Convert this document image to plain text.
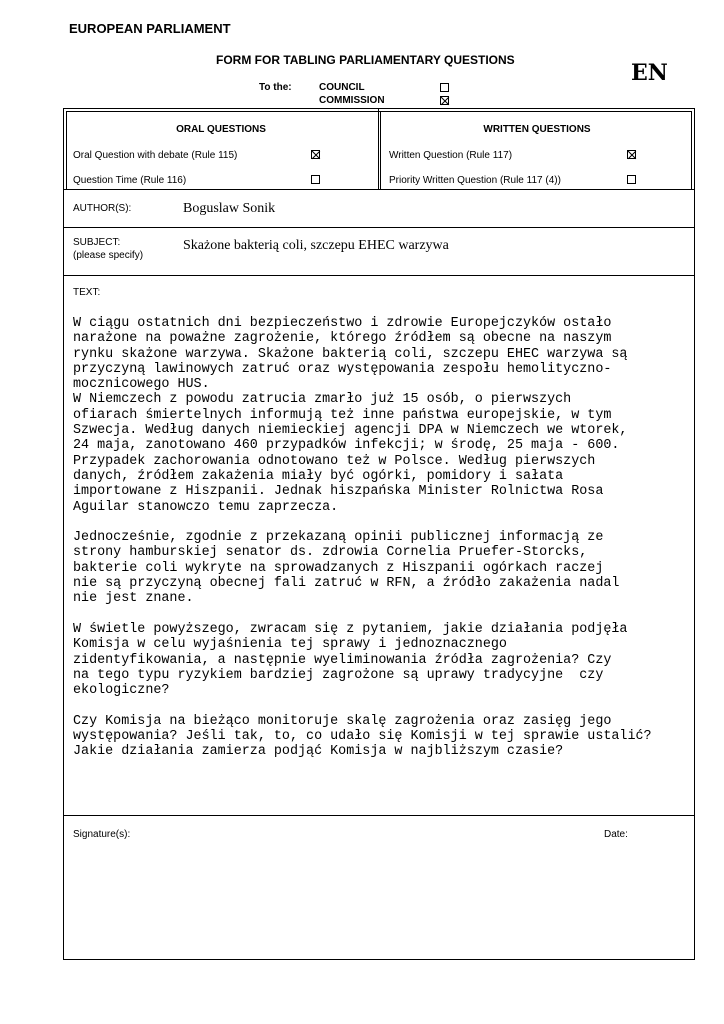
EUROPEAN PARLIAMENT
FORM FOR TABLING PARLIAMENTARY QUESTIONS	EN
To the:	COUNCIL
COMMISSION
ORAL QUESTIONS
Oral Question with debate (Rule 115)
Question Time (Rule 116)
WRITTEN QUESTIONS
Written Question (Rule 117)
Priority Written Question (Rule 117 (4))
AUTHOR(S):	Boguslaw Sonik
SUBJECT:
(please specify)
Skażone bakterią coli, szczepu EHEC warzywa
TEXT:
W ciągu ostatnich dni bezpieczeństwo i zdrowie Europejczyków ostało
narażone na poważne zagrożenie, którego źródłem są obecne na naszym
rynku skażone warzywa. Skażone bakterią coli, szczepu EHEC warzywa są
przyczyną lawinowych zatruć oraz występowania zespołu hemolityczno-
mocznicowego HUS.
W Niemczech z powodu zatrucia zmarło już 15 osób, o pierwszych
ofiarach śmiertelnych informują też inne państwa europejskie, w tym
Szwecja. Według danych niemieckiej agencji DPA w Niemczech we wtorek,
24 maja, zanotowano 460 przypadków infekcji; w środę, 25 maja - 600.
Przypadek zachorowania odnotowano też w Polsce. Według pierwszych
danych, źródłem zakażenia miały być ogórki, pomidory i sałata
importowane z Hiszpanii. Jednak hiszpańska Minister Rolnictwa Rosa
Aguilar stanowczo temu zaprzecza.

Jednocześnie, zgodnie z przekazaną opinii publicznej informacją ze
strony hamburskiej senator ds. zdrowia Cornelia Pruefer-Storcks,
bakterie coli wykryte na sprowadzanych z Hiszpanii ogórkach raczej
nie są przyczyną obecnej fali zatruć w RFN, a źródło zakażenia nadal
nie jest znane.

W świetle powyższego, zwracam się z pytaniem, jakie działania podjęła
Komisja w celu wyjaśnienia tej sprawy i jednoznacznego
zidentyfikowania, a następnie wyeliminowania źródła zagrożenia? Czy
na tego typu ryzykiem bardziej zagrożone są uprawy tradycyjne  czy
ekologiczne?

Czy Komisja na bieżąco monitoruje skalę zagrożenia oraz zasięg jego
występowania? Jeśli tak, to, co udało się Komisji w tej sprawie ustalić?
Jakie działania zamierza podjąć Komisja w najbliższym czasie?
Signature(s):	Date:
